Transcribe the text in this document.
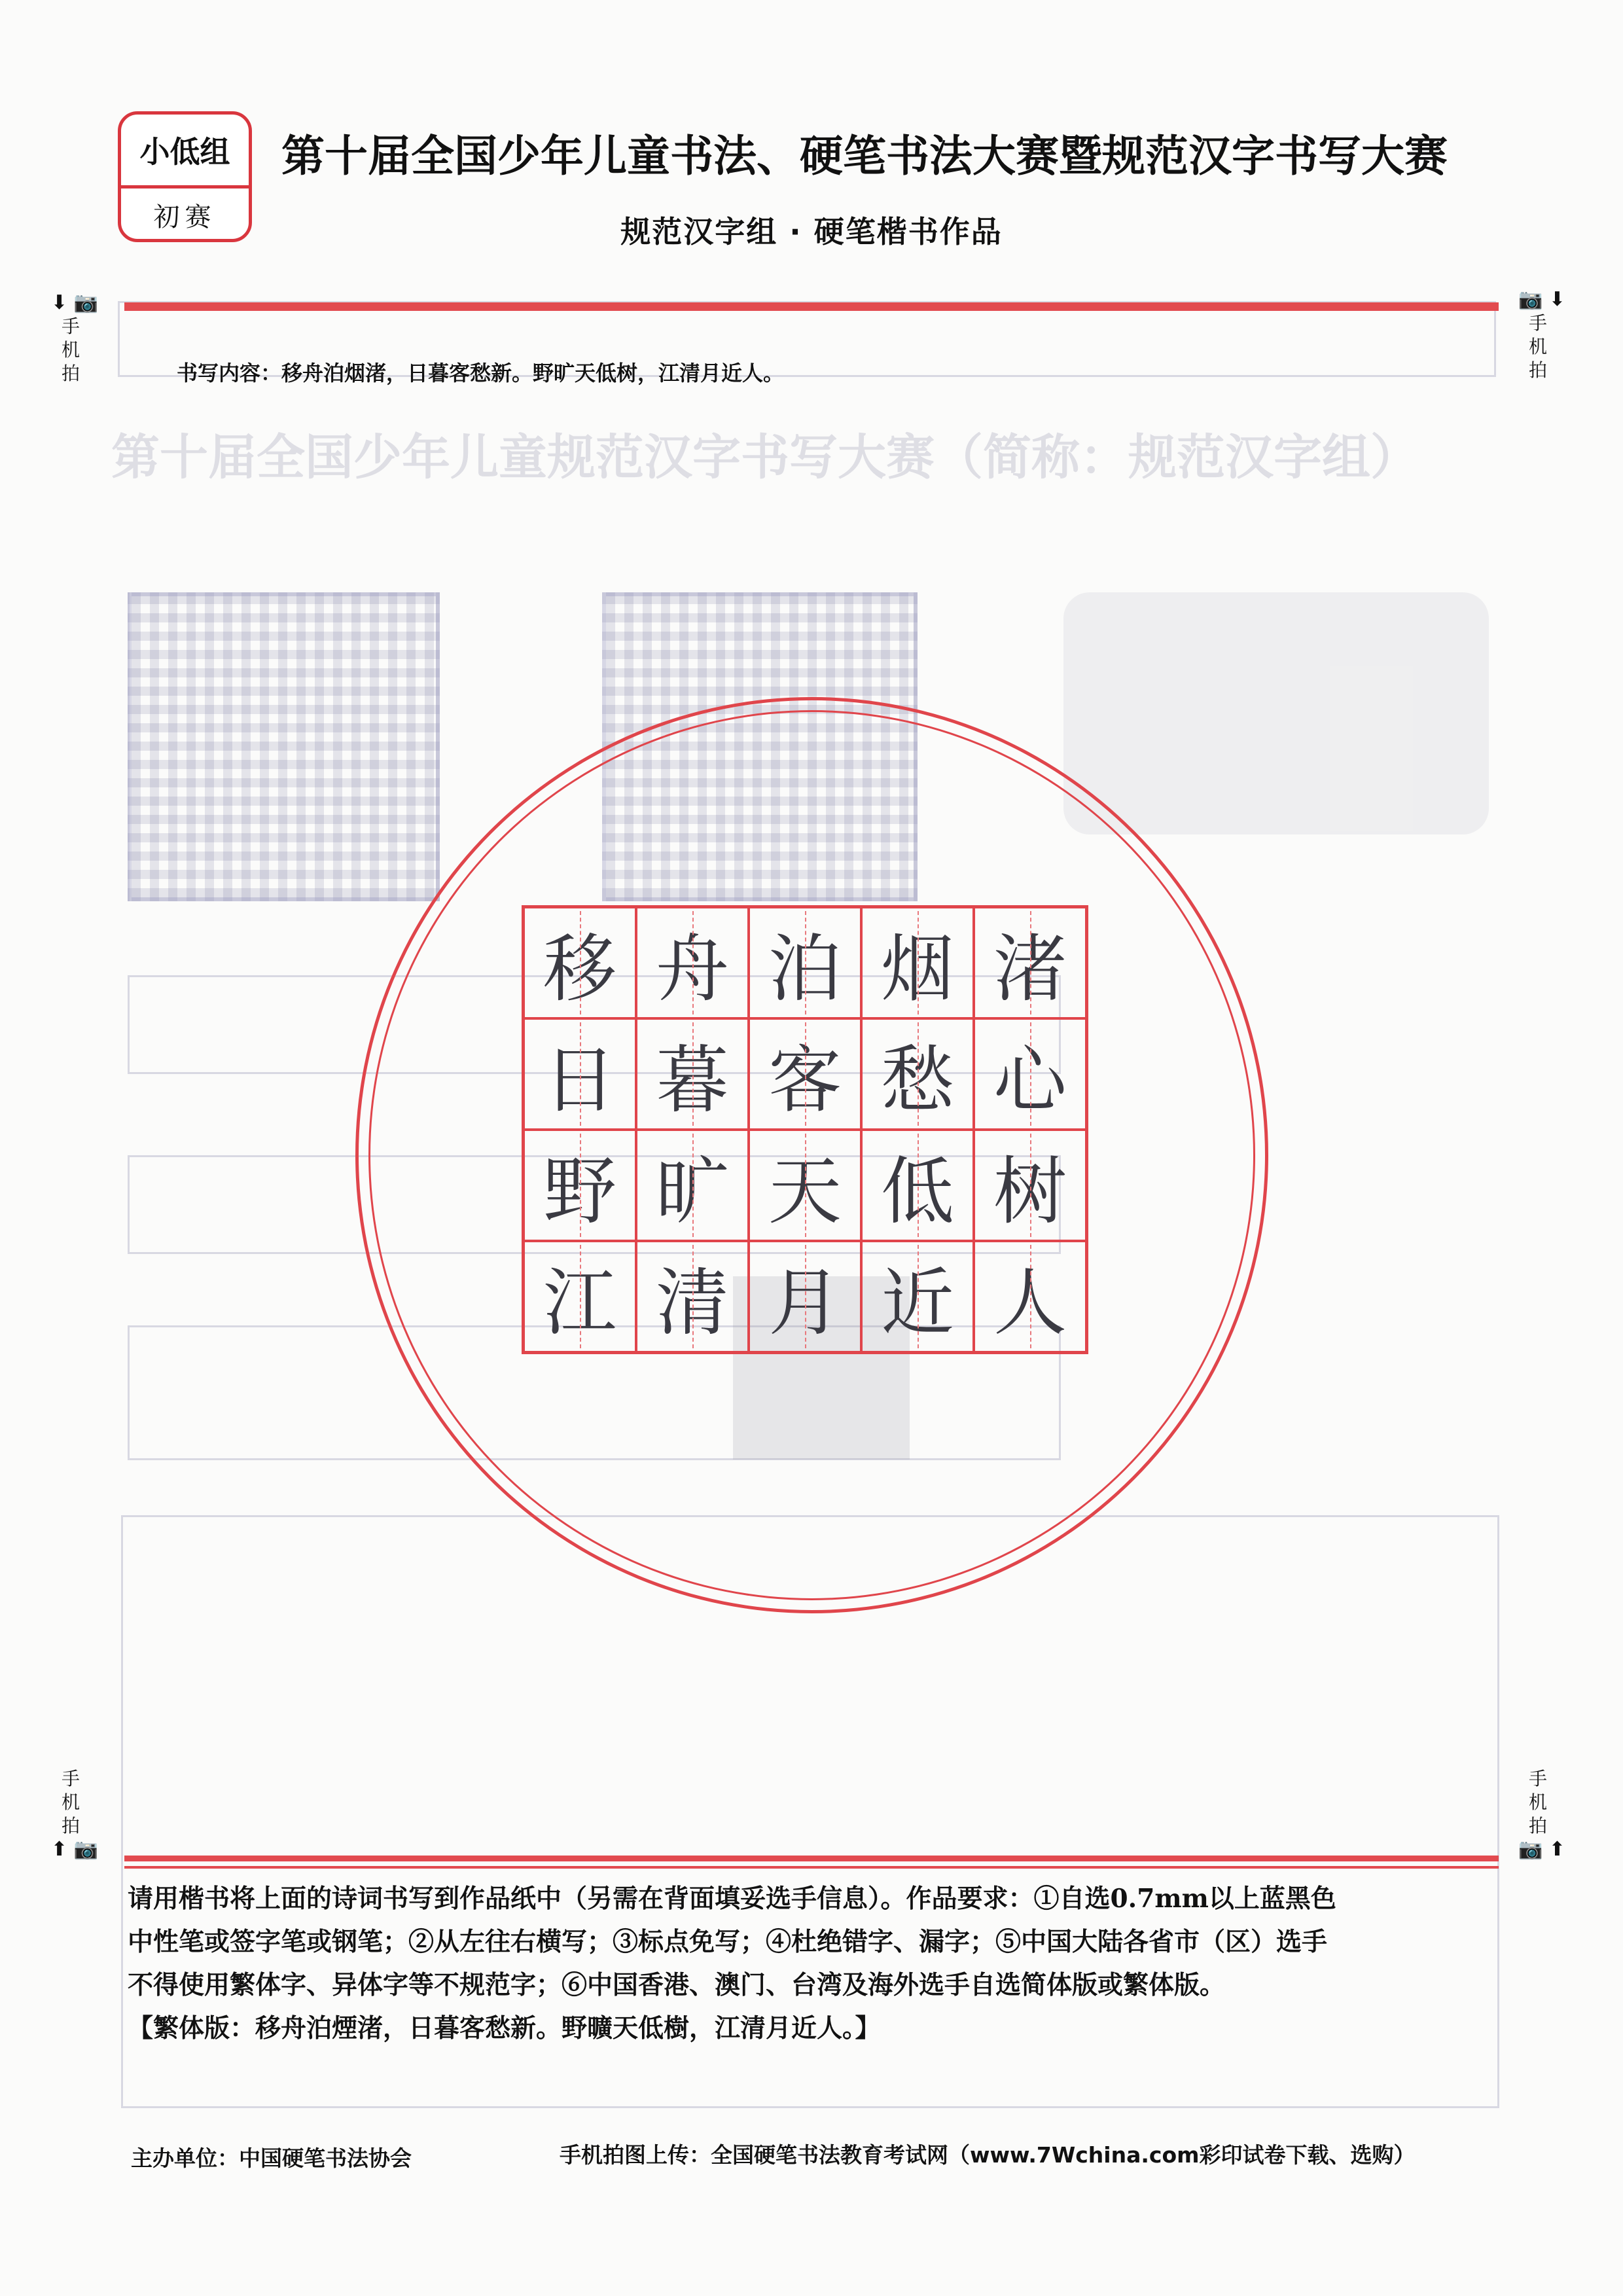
第十届全国少年儿童规范汉字书写大赛（简称：规范汉字组）
小低组
初赛
第十届全国少年儿童书法、硬笔书法大赛暨规范汉字书写大赛
规范汉字组 · 硬笔楷书作品
⬇ 📷
手
机
拍
📷 ⬇
手
机
拍
书写内容：移舟泊烟渚，日暮客愁新。野旷天低树，江清月近人。
移 舟 泊 烟 渚
日 暮 客 愁 心
野 旷 天 低 树
江 清 月 近 人
手
机
拍
⬆ 📷
手
机
拍
📷 ⬆

请用楷书将上面的诗词书写到作品纸中（另需在背面填妥选手信息）。作品要求：①自选0.7mm以上蓝黑色

中性笔或签字笔或钢笔；②从左往右横写；③标点免写；④杜绝错字、漏字；⑤中国大陆各省市（区）选手

不得使用繁体字、异体字等不规范字；⑥中国香港、澳门、台湾及海外选手自选简体版或繁体版。

【繁体版：移舟泊煙渚，日暮客愁新。野曠天低樹，江清月近人。】

主办单位：中国硬笔书法协会	手机拍图上传：全国硬笔书法教育考试网（www.7Wchina.com彩印试卷下载、选购）
